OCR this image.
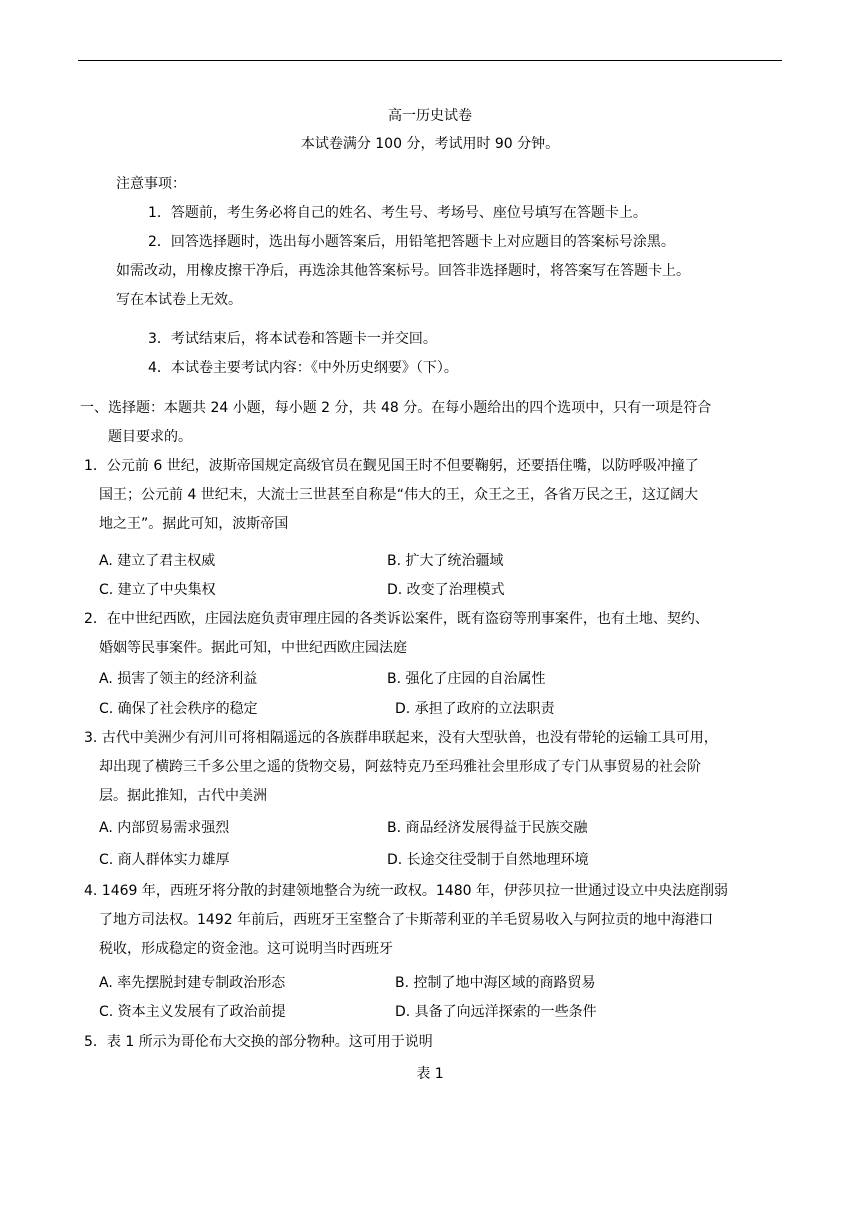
高一历史试卷
本试卷满分 100 分，考试用时 90 分钟。
注意事项：
1．答题前，考生务必将自己的姓名、考生号、考场号、座位号填写在答题卡上。
2．回答选择题时，选出每小题答案后，用铅笔把答题卡上对应题目的答案标号涂黑。
如需改动，用橡皮擦干净后，再选涂其他答案标号。回答非选择题时，将答案写在答题卡上。
写在本试卷上无效。
3．考试结束后，将本试卷和答题卡一并交回。
4．本试卷主要考试内容：《中外历史纲要》（下）。
一、选择题：本题共 24 小题，每小题 2 分，共 48 分。在每小题给出的四个选项中，只有一项是符合
题目要求的。
1．公元前 6 世纪，波斯帝国规定高级官员在觐见国王时不但要鞠躬，还要捂住嘴，以防呼吸冲撞了
国王；公元前 4 世纪末，大流士三世甚至自称是“伟大的王，众王之王，各省万民之王，这辽阔大
地之王”。据此可知，波斯帝国
A. 建立了君主权威	B. 扩大了统治疆域
C. 建立了中央集权	D. 改变了治理模式
2．在中世纪西欧，庄园法庭负责审理庄园的各类诉讼案件，既有盗窃等刑事案件，也有土地、契约、
婚姻等民事案件。据此可知，中世纪西欧庄园法庭
A. 损害了领主的经济利益	B. 强化了庄园的自治属性
C. 确保了社会秩序的稳定	D. 承担了政府的立法职责
3. 古代中美洲少有河川可将相隔遥远的各族群串联起来，没有大型驮兽，也没有带轮的运输工具可用，
却出现了横跨三千多公里之遥的货物交易，阿兹特克乃至玛雅社会里形成了专门从事贸易的社会阶
层。据此推知，古代中美洲
A. 内部贸易需求强烈	B. 商品经济发展得益于民族交融
C. 商人群体实力雄厚	D. 长途交往受制于自然地理环境
4. 1469 年，西班牙将分散的封建领地整合为统一政权。1480 年，伊莎贝拉一世通过设立中央法庭削弱
了地方司法权。1492 年前后，西班牙王室整合了卡斯蒂利亚的羊毛贸易收入与阿拉贡的地中海港口
税收，形成稳定的资金池。这可说明当时西班牙
A. 率先摆脱封建专制政治形态	B. 控制了地中海区域的商路贸易
C. 资本主义发展有了政治前提	D. 具备了向远洋探索的一些条件
5．表 1 所示为哥伦布大交换的部分物种。这可用于说明
表 1
